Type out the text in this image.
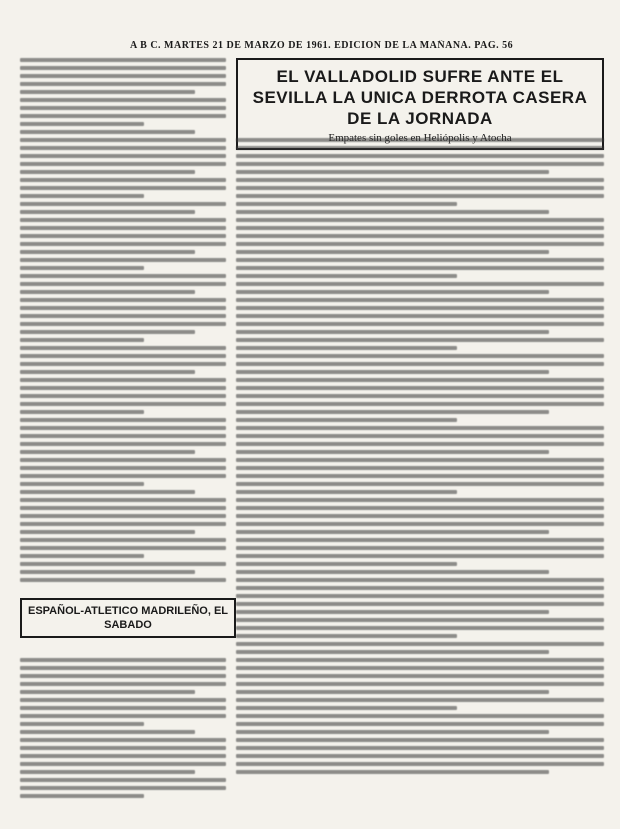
A B C. MARTES 21 DE MARZO DE 1961. EDICION DE LA MAÑANA. PAG. 56
ESPAÑOL-ATLETICO MADRILEÑO, EL SABADO
EL VALLADOLID SUFRE ANTE EL SEVILLA LA UNICA DERROTA CASERA DE LA JORNADA
